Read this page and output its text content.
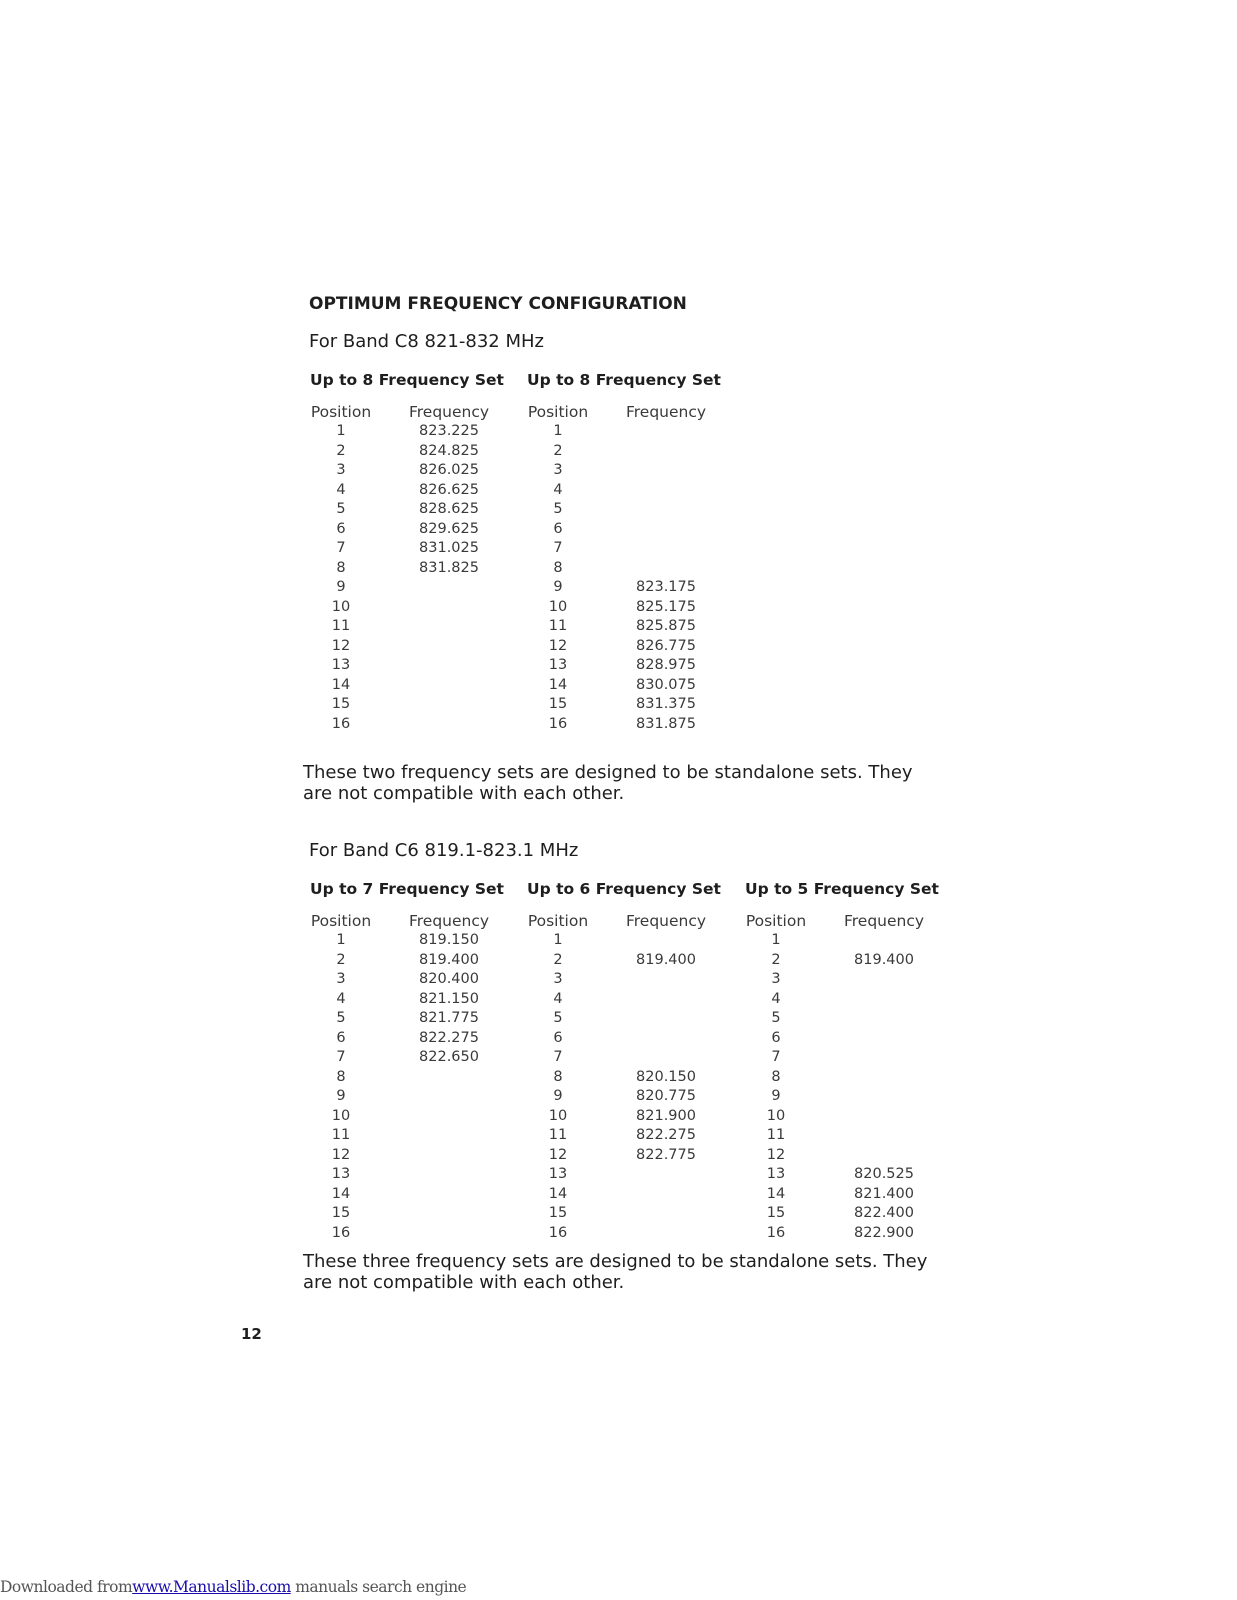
OPTIMUM FREQUENCY CONFIGURATION
For Band C8 821-832 MHz
Up to 8 Frequency Set
Position Frequency
1	823.225
2	824.825
3	826.025
4	826.625
5	828.625
6	829.625
7	831.025
8	831.825
9
10
11
12
13
14
15
16
Up to 8 Frequency Set
Position Frequency
1
2
3
4
5
6
7
8
9	823.175
10	825.175
11	825.875
12	826.775
13	828.975
14	830.075
15	831.375
16	831.875
These two frequency sets are designed to be standalone sets. They are not compatible with each other.
For Band C6 819.1-823.1 MHz
Up to 7 Frequency Set
Position Frequency
1	819.150
2	819.400
3	820.400
4	821.150
5	821.775
6	822.275
7	822.650
8
9
10
11
12
13
14
15
16
Up to 6 Frequency Set
Position Frequency
1
2	819.400
3
4
5
6
7
8	820.150
9	820.775
10	821.900
11	822.275
12	822.775
13
14
15
16
Up to 5 Frequency Set
Position Frequency
1
2	819.400
3
4
5
6
7
8
9
10
11
12
13	820.525
14	821.400
15	822.400
16	822.900
These three frequency sets are designed to be standalone sets. They are not compatible with each other.
12
Downloaded fromwww.Manualslib.com manuals search engine
